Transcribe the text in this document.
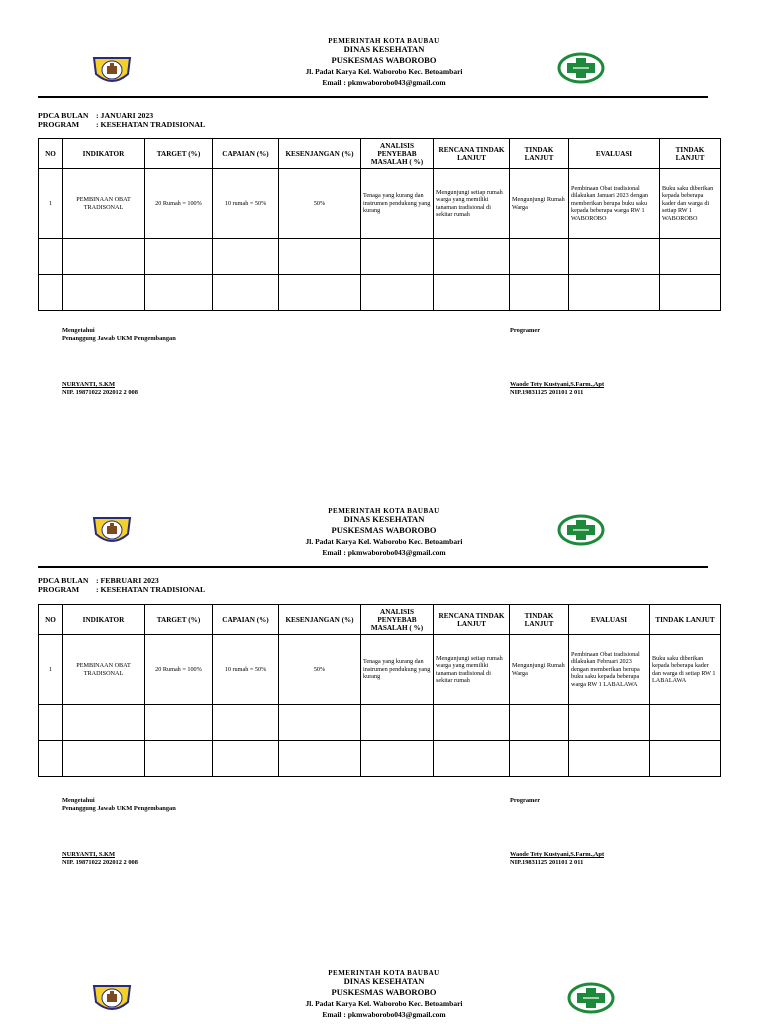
PEMERINTAH KOTA BAUBAU
DINAS KESEHATAN
PUSKESMAS WABOROBO
Jl. Padat Karya Kel. Waborobo Kec. Betoambari
Email : pkmwaborobo043@gmail.com
PDCA BULAN : JANUARI 2023
PROGRAM : KESEHATAN TRADISIONAL
NO	INDIKATOR	TARGET (%)	CAPAIAN (%)	KESENJANGAN (%)	ANALISIS PENYEBAB MASALAH ( %)	RENCANA TINDAK LANJUT	TINDAK LANJUT	EVALUASI	TINDAK LANJUT
1	PEMBINAAN OBAT TRADISONAL	20 Rumah = 100%	10 rumah = 50%	50%	Tenaga yang kurang dan instrumen pendukung yang kurang	Mengunjungi setiap rumah warga yang memiliki tanaman tradisional di sekitar rumah	Mengunjungi Rumah Warga	Pembinaan Obat tradisional dilakukan Januari 2023 dengan memberikan berupa buku saku kepada beberapa warga RW 1 WABOROBO	Buku saku diberikan kepada beberapa kader dan warga di setiap RW 1 WABOROBO

Mengetahui
Penanggung Jawab UKM Pengembangan
Programer
NURYANTI, S.KM
NIP. 19871022 202012 2 008
Waode Tety Kustyani,S.Farm.,Apt
NIP.19831125 201101 2 011
PEMERINTAH KOTA BAUBAU
DINAS KESEHATAN
PUSKESMAS WABOROBO
Jl. Padat Karya Kel. Waborobo Kec. Betoambari
Email : pkmwaborobo043@gmail.com
PDCA BULAN : FEBRUARI 2023
PROGRAM : KESEHATAN TRADISIONAL
NO	INDIKATOR	TARGET (%)	CAPAIAN (%)	KESENJANGAN (%)	ANALISIS PENYEBAB MASALAH ( %)	RENCANA TINDAK LANJUT	TINDAK LANJUT	EVALUASI	TINDAK LANJUT
1	PEMBINAAN OBAT TRADISONAL	20 Rumah = 100%	10 rumah = 50%	50%	Tenaga yang kurang dan instrumen pendukung yang kurang	Mengunjungi setiap rumah warga yang memiliki tanaman tradisional di sekitar rumah	Mengunjungi Rumah Warga	Pembinaan Obat tradisional dilakukan Februari 2023 dengan memberikan berupa buku saku kepada beberapa warga RW 1 LABALAWA	Buku saku diberikan kepada beberapa kader dan warga di setiap RW 1 LABALAWA

Mengetahui
Penanggung Jawab UKM Pengembangan
Programer
NURYANTI, S.KM
NIP. 19871022 202012 2 008
Waode Tety Kustyani,S.Farm.,Apt
NIP.19831125 201101 2 011
PEMERINTAH KOTA BAUBAU
DINAS KESEHATAN
PUSKESMAS WABOROBO
Jl. Padat Karya Kel. Waborobo Kec. Betoambari
Email : pkmwaborobo043@gmail.com
